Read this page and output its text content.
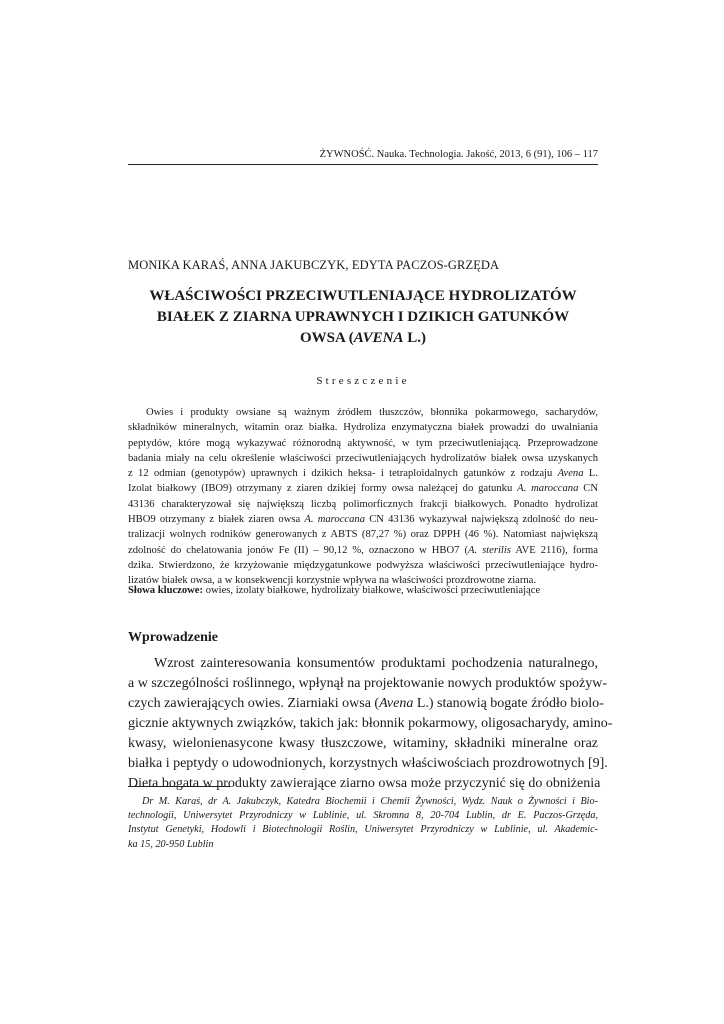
ŻYWNOŚĆ. Nauka. Technologia. Jakość, 2013, 6 (91), 106 – 117
MONIKA KARAŚ, ANNA JAKUBCZYK, EDYTA PACZOS-GRZĘDA
WŁAŚCIWOŚCI PRZECIWUTLENIAJĄCE HYDROLIZATÓW
BIAŁEK Z ZIARNA UPRAWNYCH I DZIKICH GATUNKÓW
OWSA (AVENA L.)
Streszczenie
Owies i produkty owsiane są ważnym źródłem tłuszczów, błonnika pokarmowego, sacharydów,
składników mineralnych, witamin oraz białka. Hydroliza enzymatyczna białek prowadzi do uwalniania
peptydów, które mogą wykazywać różnorodną aktywność, w tym przeciwutleniającą. Przeprowadzone
badania miały na celu określenie właściwości przeciwutleniających hydrolizatów białek owsa uzyskanych
z 12 odmian (genotypów) uprawnych i dzikich heksa- i tetraploidalnych gatunków z rodzaju Avena L.
Izolat białkowy (IBO9) otrzymany z ziaren dzikiej formy owsa należącej do gatunku A. maroccana CN
43136 charakteryzował się największą liczbą polimorficznych frakcji białkowych. Ponadto hydrolizat
HBO9 otrzymany z białek ziaren owsa A. maroccana CN 43136 wykazywał największą zdolność do neu-
tralizacji wolnych rodników generowanych z ABTS (87,27 %) oraz DPPH (46 %). Natomiast największą
zdolność do chelatowania jonów Fe (II) – 90,12 %, oznaczono w HBO7 (A. sterilis AVE 2116), forma
dzika. Stwierdzono, że krzyżowanie międzygatunkowe podwyższa właściwości przeciwutleniające hydro-
lizatów białek owsa, a w konsekwencji korzystnie wpływa na właściwości prozdrowotne ziarna.
Słowa kluczowe: owies, izolaty białkowe, hydrolizaty białkowe, właściwości przeciwutleniające
Wprowadzenie
Wzrost zainteresowania konsumentów produktami pochodzenia naturalnego,
a w szczególności roślinnego, wpłynął na projektowanie nowych produktów spożyw-
czych zawierających owies. Ziarniaki owsa (Avena L.) stanowią bogate źródło biolo-
gicznie aktywnych związków, takich jak: błonnik pokarmowy, oligosacharydy, amino-
kwasy, wielonienasycone kwasy tłuszczowe, witaminy, składniki mineralne oraz
białka i peptydy o udowodnionych, korzystnych właściwościach prozdrowotnych [9].
Dieta bogata w produkty zawierające ziarno owsa może przyczynić się do obniżenia
Dr M. Karaś, dr A. Jakubczyk, Katedra Biochemii i Chemii Żywności, Wydz. Nauk o Żywności i Bio-
technologii, Uniwersytet Przyrodniczy w Lublinie, ul. Skromna 8, 20-704 Lublin, dr E. Paczos-Grzęda,
Instytut Genetyki, Hodowli i Biotechnologii Roślin, Uniwersytet Przyrodniczy w Lublinie, ul. Akademic-
ka 15, 20-950 Lublin
